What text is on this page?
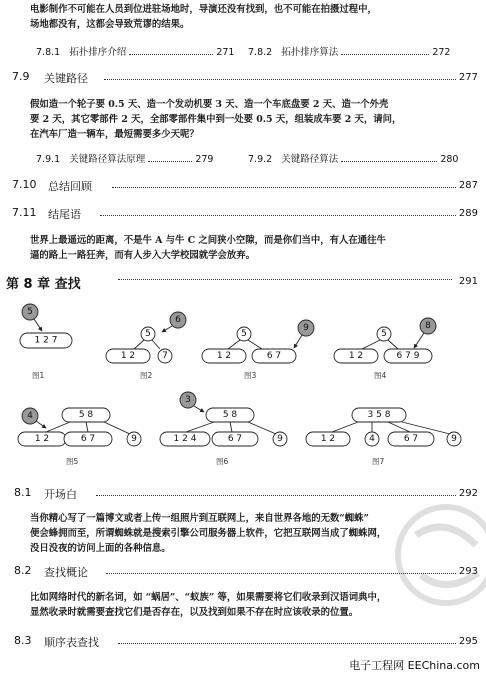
电影制作不可能在人员到位进驻场地时，导演还没有找到，也不可能在拍摄过程中，
场地都没有，这都会导致荒谬的结果。
7.8.1 拓扑排序介绍	271 7.8.2 拓扑排序算法	272
7.9 关键路径	277
假如造一个轮子要 0.5 天、造一个发动机要 3 天、造一个车底盘要 2 天、造一个外壳
要 2 天，其它零部件 2 天，全部零部件集中到一处要 0.5 天，组装成车要 2 天，请问，
在汽车厂造一辆车，最短需要多少天呢？
7.9.1 关键路径算法原理	279	7.9.2 关键路径算法	280
7.10 总结回顾	287
7.11 结尾语	289
世界上最遥远的距离，不是牛 A 与牛 C 之间狭小空隙，而是你们当中，有人在通往牛
逼的路上一路狂奔，而有人步入大学校园就学会放弃。
第 8 章 查找	291
5
1 2 7
6
5
1 2	7
9
5
1 2	6 7
8
5
1 2	6 7 9
4	5 8
1 2	6 7	9
3
5 8
1 2 4	6 7	9
3 5 8
1 2	4	6 7	9
图1	图2	图3	图4
图5	图6	图7
8.1 开场白	292
当你精心写了一篇博文或者上传一组照片到互联网上，来自世界各地的无数“蜘蛛”
便会蜂拥而至，所谓蜘蛛就是搜索引擎公司服务器上软件，它把互联网当成了蜘蛛网，
没日没夜的访问上面的各种信息。
8.2 查找概论	293
比如网络时代的新名词，如 “蜗居”、“蚁族” 等，如果需要将它们收录到汉语词典中，
显然收录时就需要查找它们是否存在，以及找到如果不存在时应该收录的位置。
8.3 顺序表查找	295
电子工程网 EEChina.com
